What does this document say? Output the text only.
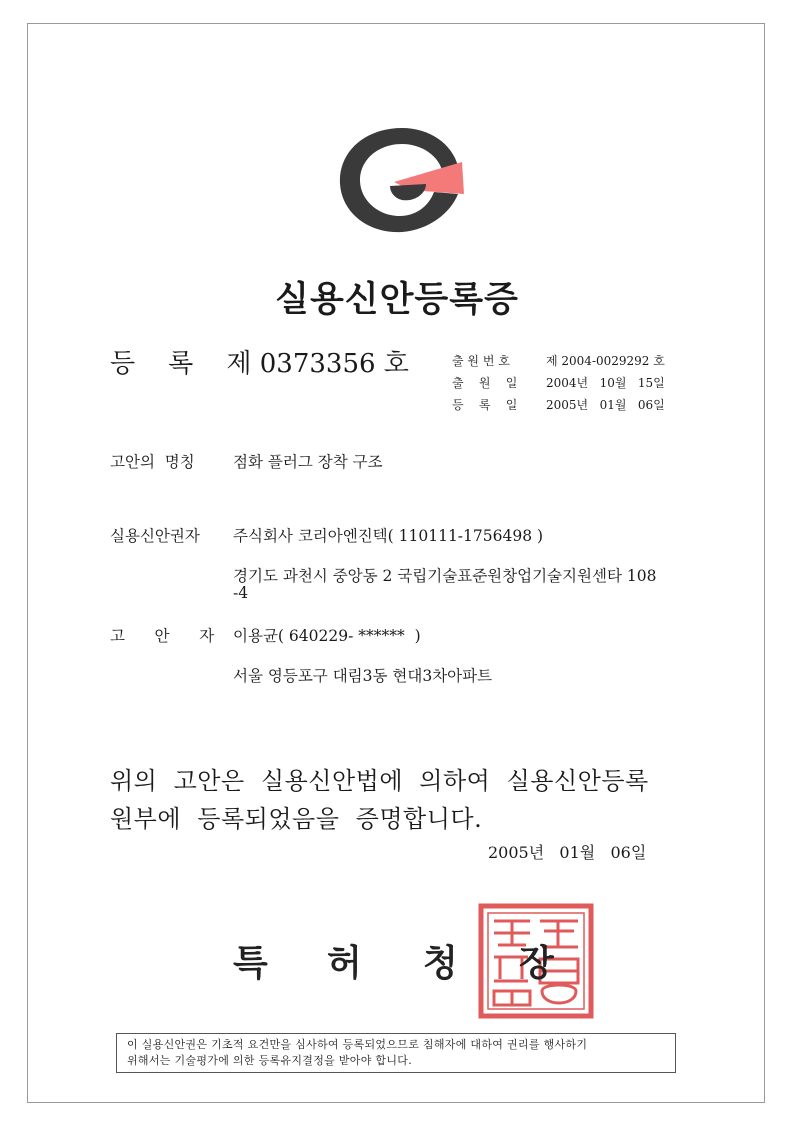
실용신안등록증
등    록    제 0373356 호	출 원 번 호	제 2004-0029292 호
출    원    일	2004년   10월   15일
등    록    일	2005년   01월   06일
고안의  명칭 점화 플러그 장착 구조
실용신안권자 주식회사 코리아엔진텍( 110111-1756498 )
경기도 과천시 중앙동 2 국립기술표준원창업기술지원센타 108
-4
고      안      자 이용균( 640229- ******  )
서울 영등포구 대림3동 현대3차아파트
위의  고안은  실용신안법에  의하여  실용신안등록
원부에  등록되었음을  증명합니다.
2005년   01월   06일
특 허 청 장
이 실용신안권은 기초적 요건만을 심사하여 등록되었으므로 침해자에 대하여 권리를 행사하기
위해서는 기술평가에 의한 등록유지결정을 받아야 합니다.
